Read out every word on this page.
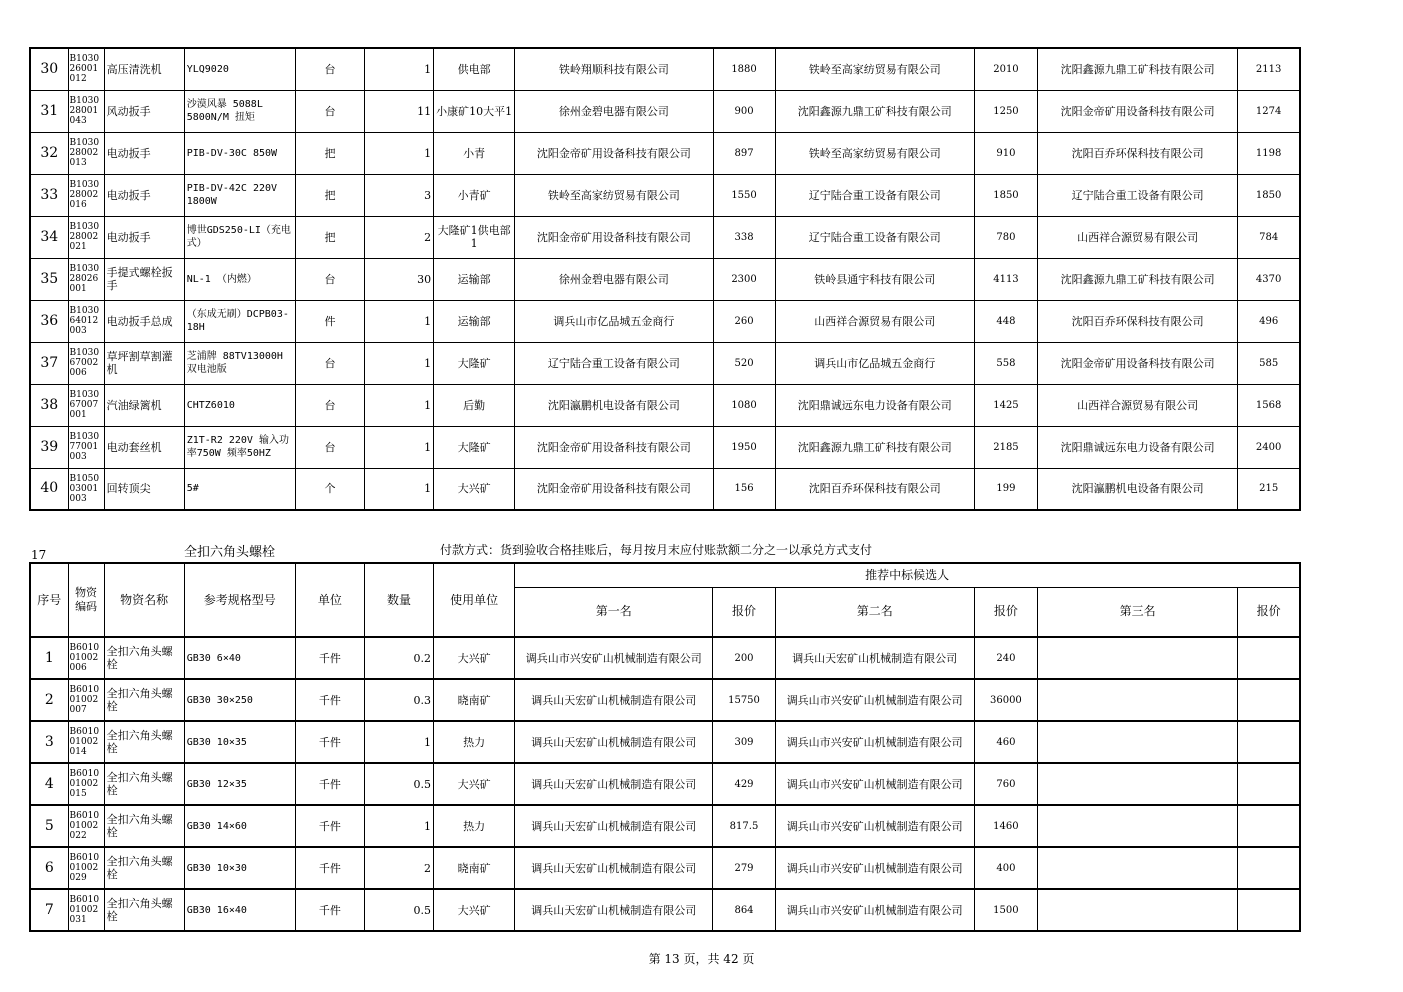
30	B1030 26001 012	高压清洗机	YLQ9020	台	1	供电部	铁岭翔顺科技有限公司	1880	铁岭至高家纺贸易有限公司	2010	沈阳鑫源九鼎工矿科技有限公司	2113
31	B1030 28001 043	风动扳手	沙漠风暴 5088L 5800N/M 扭矩	台	11	小康矿10大平1	徐州金碧电器有限公司	900	沈阳鑫源九鼎工矿科技有限公司	1250	沈阳金帝矿用设备科技有限公司	1274
32	B1030 28002 013	电动扳手	PIB-DV-30C 850W	把	1	小青	沈阳金帝矿用设备科技有限公司	897	铁岭至高家纺贸易有限公司	910	沈阳百乔环保科技有限公司	1198
33	B1030 28002 016	电动扳手	PIB-DV-42C 220V 1800W	把	3	小青矿	铁岭至高家纺贸易有限公司	1550	辽宁陆合重工设备有限公司	1850	辽宁陆合重工设备有限公司	1850
34	B1030 28002 021	电动扳手	博世GDS250-LI（充电式）	把	2	大隆矿1供电部1	沈阳金帝矿用设备科技有限公司	338	辽宁陆合重工设备有限公司	780	山西祥合源贸易有限公司	784
35	B1030 28026 001	手提式螺栓扳手	NL-1 （内燃）	台	30	运输部	徐州金碧电器有限公司	2300	铁岭县通宇科技有限公司	4113	沈阳鑫源九鼎工矿科技有限公司	4370
36	B1030 64012 003	电动扳手总成	（东成无刷）DCPB03-18H	件	1	运输部	调兵山市亿品城五金商行	260	山西祥合源贸易有限公司	448	沈阳百乔环保科技有限公司	496
37	B1030 67002 006	草坪割草割灌机	芝浦牌 88TV13000H 双电池版	台	1	大隆矿	辽宁陆合重工设备有限公司	520	调兵山市亿品城五金商行	558	沈阳金帝矿用设备科技有限公司	585
38	B1030 67007 001	汽油绿篱机	CHTZ6010	台	1	后勤	沈阳瀛鹏机电设备有限公司	1080	沈阳鼎诚远东电力设备有限公司	1425	山西祥合源贸易有限公司	1568
39	B1030 77001 003	电动套丝机	Z1T-R2 220V 输入功率750W 频率50HZ	台	1	大隆矿	沈阳金帝矿用设备科技有限公司	1950	沈阳鑫源九鼎工矿科技有限公司	2185	沈阳鼎诚远东电力设备有限公司	2400
40	B1050 03001 003	回转顶尖	5#	个	1	大兴矿	沈阳金帝矿用设备科技有限公司	156	沈阳百乔环保科技有限公司	199	沈阳瀛鹏机电设备有限公司	215
17	全扣六角头螺栓	付款方式：货到验收合格挂账后，每月按月末应付账款额二分之一以承兑方式支付
序号	物资编码	物资名称	参考规格型号	单位	数量	使用单位	推荐中标候选人					
							第一名	报价	第二名	报价	第三名	报价
1	B6010 01002 006	全扣六角头螺栓	GB30 6×40	千件	0.2	大兴矿	调兵山市兴安矿山机械制造有限公司	200	调兵山天宏矿山机械制造有限公司	240		
2	B6010 01002 007	全扣六角头螺栓	GB30 30×250	千件	0.3	晓南矿	调兵山天宏矿山机械制造有限公司	15750	调兵山市兴安矿山机械制造有限公司	36000		
3	B6010 01002 014	全扣六角头螺栓	GB30 10×35	千件	1	热力	调兵山天宏矿山机械制造有限公司	309	调兵山市兴安矿山机械制造有限公司	460		
4	B6010 01002 015	全扣六角头螺栓	GB30 12×35	千件	0.5	大兴矿	调兵山天宏矿山机械制造有限公司	429	调兵山市兴安矿山机械制造有限公司	760		
5	B6010 01002 022	全扣六角头螺栓	GB30 14×60	千件	1	热力	调兵山天宏矿山机械制造有限公司	817.5	调兵山市兴安矿山机械制造有限公司	1460		
6	B6010 01002 029	全扣六角头螺栓	GB30 10×30	千件	2	晓南矿	调兵山天宏矿山机械制造有限公司	279	调兵山市兴安矿山机械制造有限公司	400		
7	B6010 01002 031	全扣六角头螺栓	GB30 16×40	千件	0.5	大兴矿	调兵山天宏矿山机械制造有限公司	864	调兵山市兴安矿山机械制造有限公司	1500		
第 13 页，共 42 页
